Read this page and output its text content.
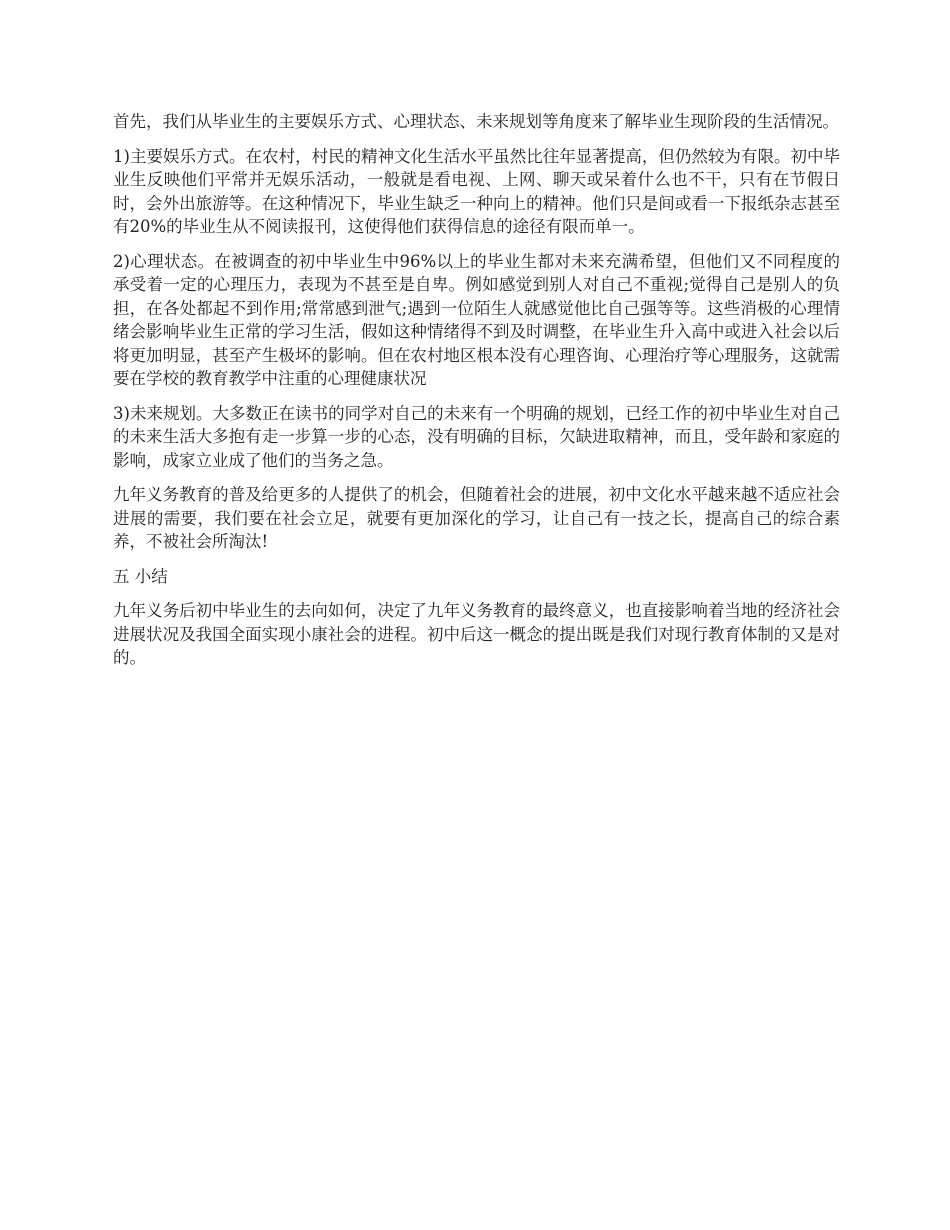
首先，我们从毕业生的主要娱乐方式、心理状态、未来规划等角度来了解毕业生现阶段的生活情况。

1)主要娱乐方式。在农村，村民的精神文化生活水平虽然比往年显著提高，但仍然较为有限。初中毕业生反映他们平常并无娱乐活动，一般就是看电视、上网、聊天或呆着什么也不干，只有在节假日时，会外出旅游等。在这种情况下，毕业生缺乏一种向上的精神。他们只是间或看一下报纸杂志甚至有20%的毕业生从不阅读报刊，这使得他们获得信息的途径有限而单一。

2)心理状态。在被调查的初中毕业生中96%以上的毕业生都对未来充满希望，但他们又不同程度的承受着一定的心理压力，表现为不甚至是自卑。例如感觉到别人对自己不重视;觉得自己是别人的负担，在各处都起不到作用;常常感到泄气;遇到一位陌生人就感觉他比自己强等等。这些消极的心理情绪会影响毕业生正常的学习生活，假如这种情绪得不到及时调整，在毕业生升入高中或进入社会以后将更加明显，甚至产生极坏的影响。但在农村地区根本没有心理咨询、心理治疗等心理服务，这就需要在学校的教育教学中注重的心理健康状况

3)未来规划。大多数正在读书的同学对自己的未来有一个明确的规划，已经工作的初中毕业生对自己的未来生活大多抱有走一步算一步的心态，没有明确的目标，欠缺进取精神，而且，受年龄和家庭的影响，成家立业成了他们的当务之急。

九年义务教育的普及给更多的人提供了的机会，但随着社会的进展，初中文化水平越来越不适应社会进展的需要，我们要在社会立足，就要有更加深化的学习，让自己有一技之长，提高自己的综合素养，不被社会所淘汰!

五 小结

九年义务后初中毕业生的去向如何，决定了九年义务教育的最终意义，也直接影响着当地的经济社会进展状况及我国全面实现小康社会的进程。初中后这一概念的提出既是我们对现行教育体制的又是对的。
